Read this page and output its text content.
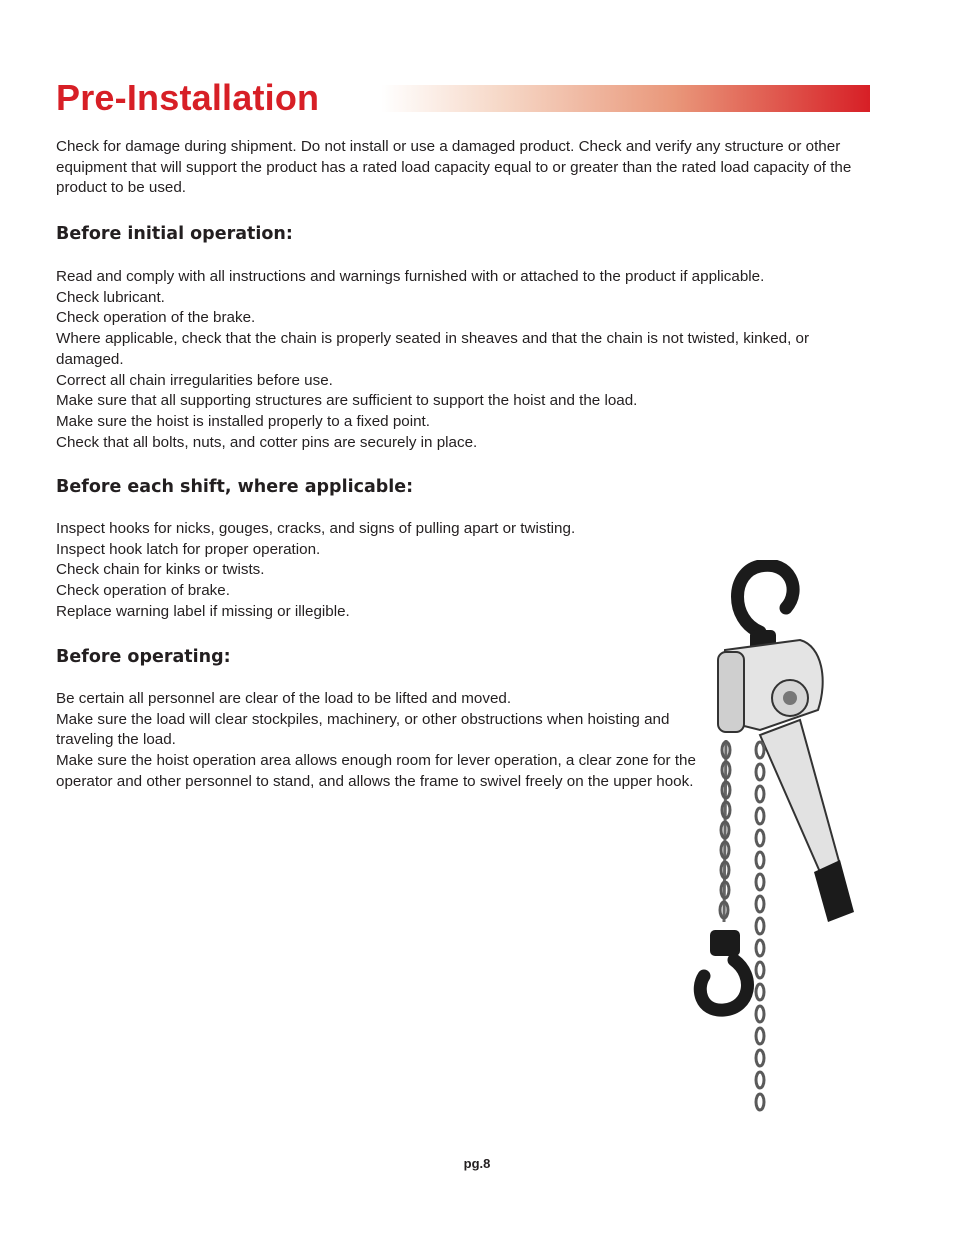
Pre-Installation

Check for damage during shipment. Do not install or use a damaged product. Check and verify any structure or other equipment that will support the product has a rated load capacity equal to or greater than the rated load capacity of the product to be used.

Before initial operation:
Read and comply with all instructions and warnings furnished with or attached to the product if applicable.
Check lubricant.
Check operation of the brake.
Where applicable, check that the chain is properly seated in sheaves and that the chain is not twisted, kinked, or damaged.
Correct all chain irregularities before use.
Make sure that all supporting structures are sufficient to support the hoist and the load.
Make sure the hoist is installed properly to a fixed point.
Check that all bolts, nuts, and cotter pins are securely in place.
Before each shift, where applicable:
Inspect hooks for nicks, gouges, cracks, and signs of pulling apart or twisting.
Inspect hook latch for proper operation.
Check chain for kinks or twists.
Check operation of brake.
Replace warning label if missing or illegible.
Before operating:
Be certain all personnel are clear of the load to be lifted and moved.
Make sure the load will clear stockpiles, machinery, or other obstructions when hoisting and traveling the load.
Make sure the hoist operation area allows enough room for lever operation, a clear zone for the operator and other personnel to stand, and allows the frame to swivel freely on the upper hook.
pg.8
